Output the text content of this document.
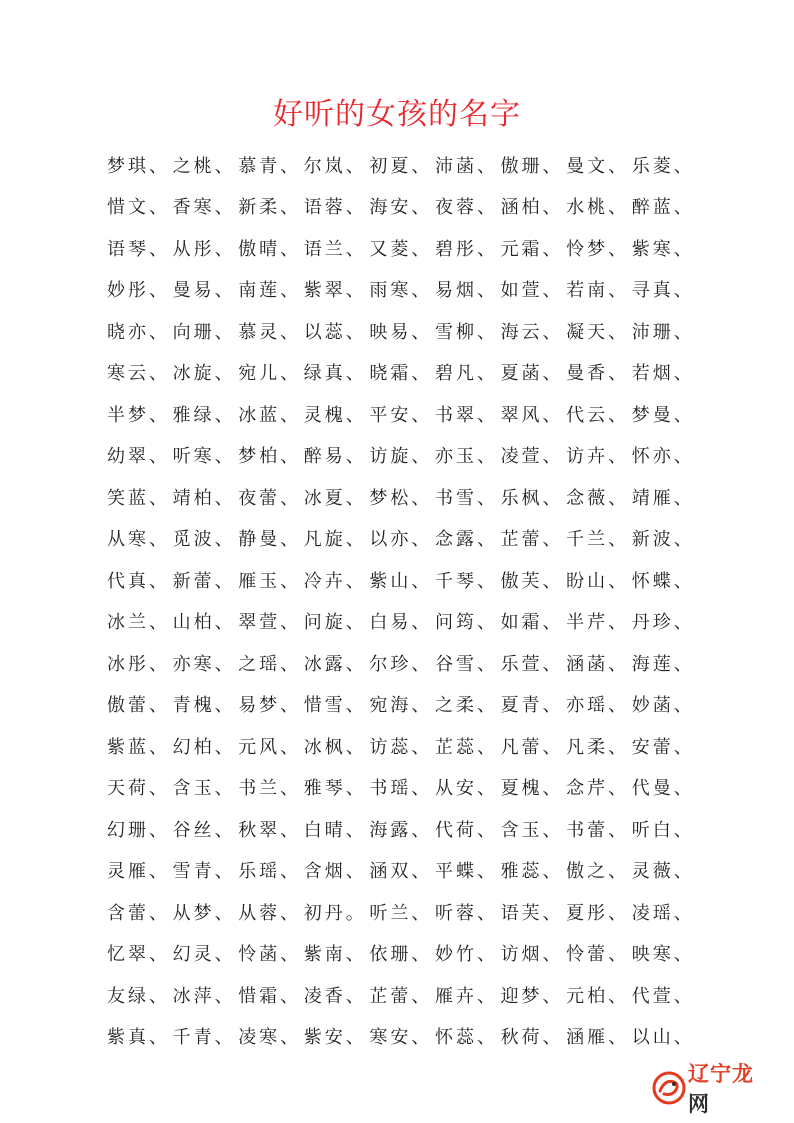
好听的女孩的名字
梦琪、 之桃、 慕青、 尔岚、 初夏、 沛菡、 傲珊、 曼文、 乐菱、
惜文、 香寒、 新柔、 语蓉、 海安、 夜蓉、 涵柏、 水桃、 醉蓝、
语琴、 从彤、 傲晴、 语兰、 又菱、 碧彤、 元霜、 怜梦、 紫寒、
妙彤、 曼易、 南莲、 紫翠、 雨寒、 易烟、 如萱、 若南、 寻真、
晓亦、 向珊、 慕灵、 以蕊、 映易、 雪柳、 海云、 凝天、 沛珊、
寒云、 冰旋、 宛儿、 绿真、 晓霜、 碧凡、 夏菡、 曼香、 若烟、
半梦、 雅绿、 冰蓝、 灵槐、 平安、 书翠、 翠风、 代云、 梦曼、
幼翠、 听寒、 梦柏、 醉易、 访旋、 亦玉、 凌萱、 访卉、 怀亦、
笑蓝、 靖柏、 夜蕾、 冰夏、 梦松、 书雪、 乐枫、 念薇、 靖雁、
从寒、 觅波、 静曼、 凡旋、 以亦、 念露、 芷蕾、 千兰、 新波、
代真、 新蕾、 雁玉、 冷卉、 紫山、 千琴、 傲芙、 盼山、 怀蝶、
冰兰、 山柏、 翠萱、 问旋、 白易、 问筠、 如霜、 半芹、 丹珍、
冰彤、 亦寒、 之瑶、 冰露、 尔珍、 谷雪、 乐萱、 涵菡、 海莲、
傲蕾、 青槐、 易梦、 惜雪、 宛海、 之柔、 夏青、 亦瑶、 妙菡、
紫蓝、 幻柏、 元风、 冰枫、 访蕊、 芷蕊、 凡蕾、 凡柔、 安蕾、
天荷、 含玉、 书兰、 雅琴、 书瑶、 从安、 夏槐、 念芹、 代曼、
幻珊、 谷丝、 秋翠、 白晴、 海露、 代荷、 含玉、 书蕾、 听白、
灵雁、 雪青、 乐瑶、 含烟、 涵双、 平蝶、 雅蕊、 傲之、 灵薇、
含蕾、 从梦、 从蓉、 初丹。 听兰、 听蓉、 语芙、 夏彤、 凌瑶、
忆翠、 幻灵、 怜菡、 紫南、 依珊、 妙竹、 访烟、 怜蕾、 映寒、
友绿、 冰萍、 惜霜、 凌香、 芷蕾、 雁卉、 迎梦、 元柏、 代萱、
紫真、 千青、 凌寒、 紫安、 寒安、 怀蕊、 秋荷、 涵雁、 以山、
辽宁龙网
